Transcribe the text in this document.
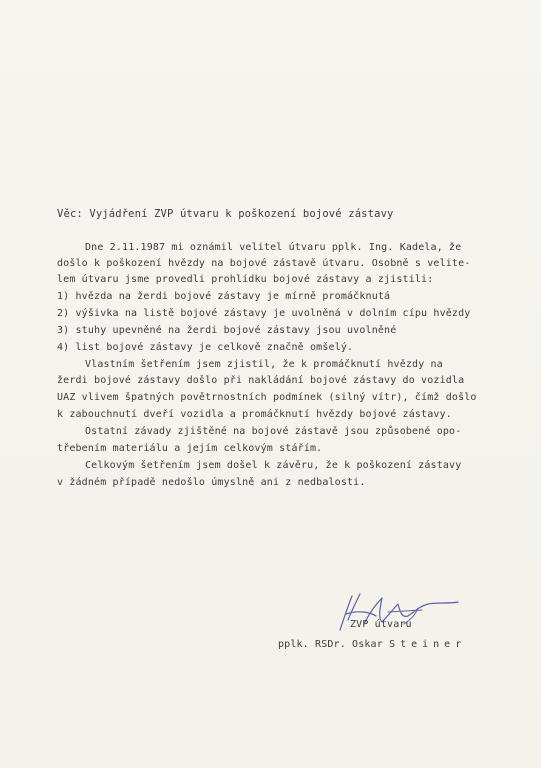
Věc: Vyjádření ZVP útvaru k poškození bojové zástavy
Dne 2.11.1987 mi oznámil velitel útvaru pplk. Ing. Kadela, že
došlo k poškození hvězdy na bojové zástavě útvaru. Osobně s velite-
lem útvaru jsme provedli prohlídku bojové zástavy a zjistili:
1) hvězda na žerdi bojové zástavy je mírně promáčknutá
2) výšivka na listě bojové zástavy je uvolněná v dolním cípu hvězdy
3) stuhy upevněné na žerdi bojové zástavy jsou uvolněné
4) list bojové zástavy je celkově značně omšelý.
Vlastním šetřením jsem zjistil, že k promáčknutí hvězdy na
žerdi bojové zástavy došlo při nakládání bojové zástavy do vozidla
UAZ vlivem špatných povětrnostních podmínek (silný vítr), čímž došlo
k zabouchnutí dveří vozidla a promáčknutí hvězdy bojové zástavy.
Ostatní závady zjištěné na bojové zástavě jsou způsobené opo-
třebením materiálu a jejím celkovým stářím.
Celkovým šetřením jsem došel k závěru, že k poškození zástavy
v žádném případě nedošlo úmyslně ani z nedbalosti.
ZVP útvaru
pplk. RSDr. Oskar Steiner
